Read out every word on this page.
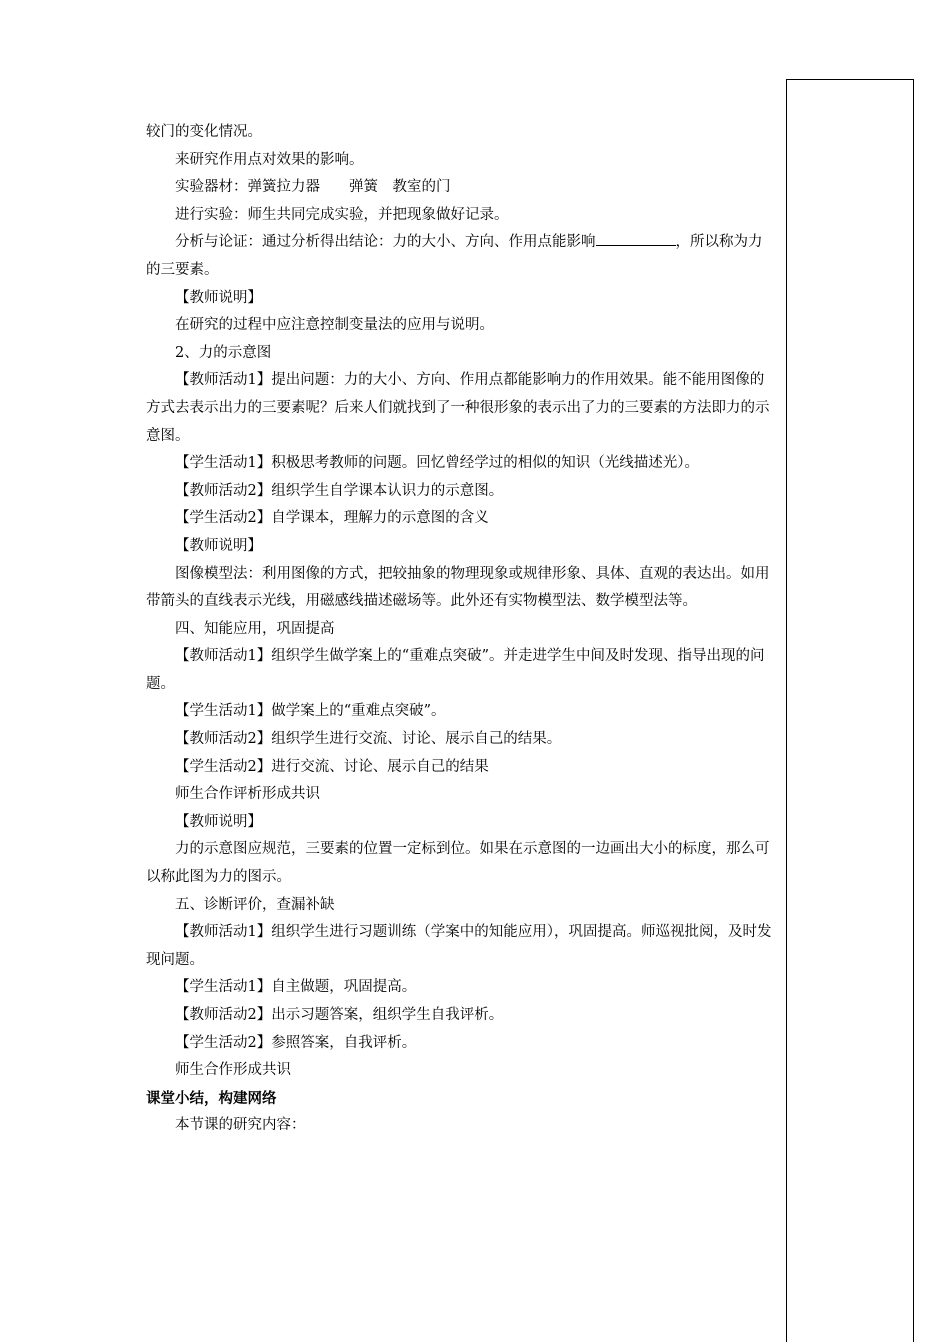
较门的变化情况。

来研究作用点对效果的影响。

实验器材：弹簧拉力器　　弹簧　教室的门

进行实验：师生共同完成实验，并把现象做好记录。

分析与论证：通过分析得出结论：力的大小、方向、作用点能影响	，所以称为力的三要素。

【教师说明】

在研究的过程中应注意控制变量法的应用与说明。

2、力的示意图

【教师活动1】提出问题：力的大小、方向、作用点都能影响力的作用效果。能不能用图像的方式去表示出力的三要素呢？后来人们就找到了一种很形象的表示出了力的三要素的方法即力的示意图。

【学生活动1】积极思考教师的问题。回忆曾经学过的相似的知识（光线描述光）。

【教师活动2】组织学生自学课本认识力的示意图。

【学生活动2】自学课本，理解力的示意图的含义

【教师说明】

图像模型法：利用图像的方式，把较抽象的物理现象或规律形象、具体、直观的表达出。如用带箭头的直线表示光线，用磁感线描述磁场等。此外还有实物模型法、数学模型法等。

四、知能应用，巩固提高

【教师活动1】组织学生做学案上的“重难点突破”。并走进学生中间及时发现、指导出现的问题。

【学生活动1】做学案上的“重难点突破”。

【教师活动2】组织学生进行交流、讨论、展示自己的结果。

【学生活动2】进行交流、讨论、展示自己的结果

师生合作评析形成共识

【教师说明】

力的示意图应规范，三要素的位置一定标到位。如果在示意图的一边画出大小的标度，那么可以称此图为力的图示。

五、诊断评价，查漏补缺

【教师活动1】组织学生进行习题训练（学案中的知能应用），巩固提高。师巡视批阅，及时发现问题。

【学生活动1】自主做题，巩固提高。

【教师活动2】出示习题答案，组织学生自我评析。

【学生活动2】参照答案，自我评析。

师生合作形成共识

课堂小结，构建网络

本节课的研究内容：
